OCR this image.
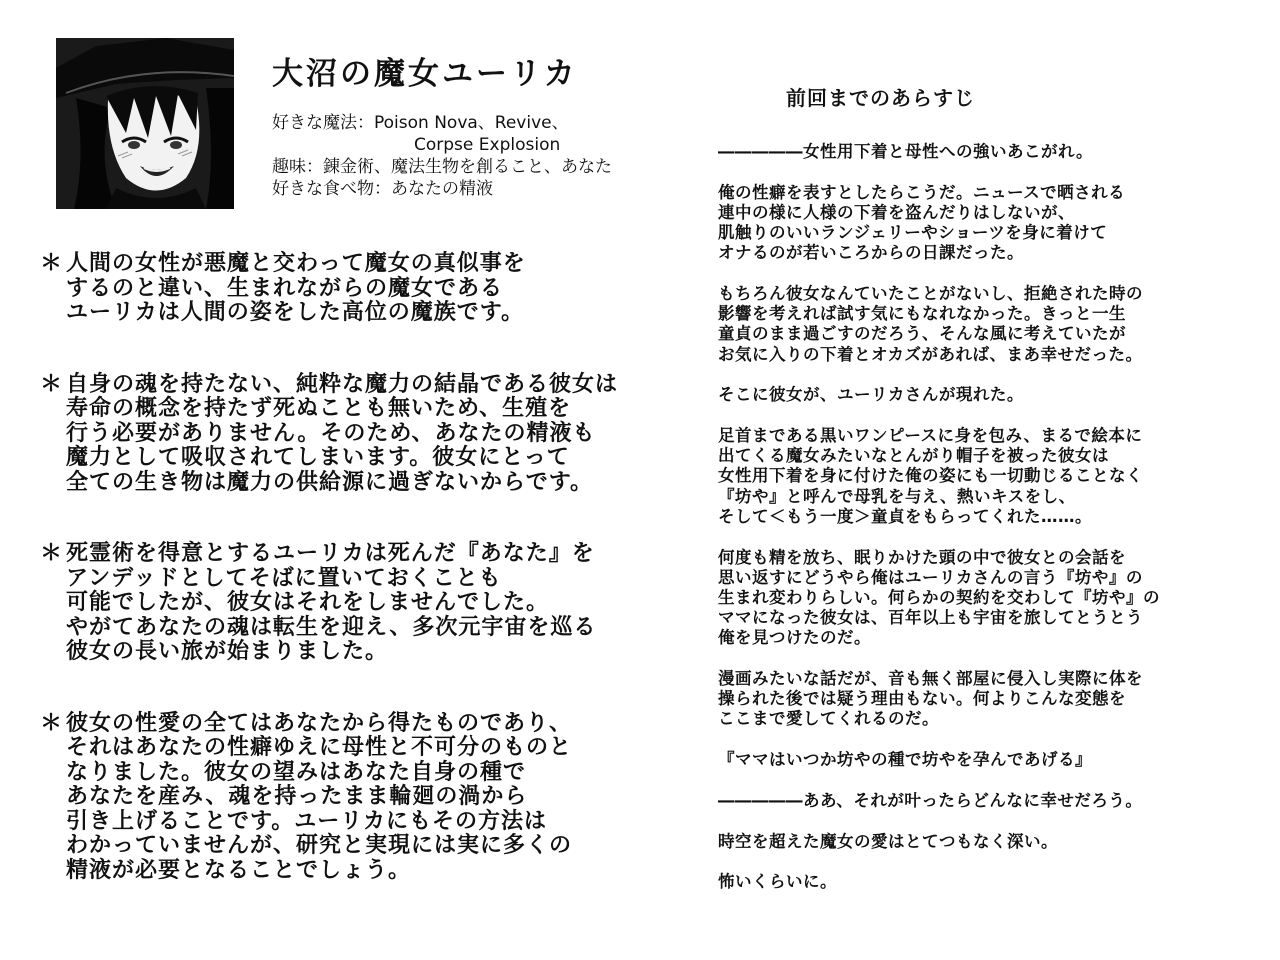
大沼の魔女ユーリカ
好きな魔法：Poison Nova、Revive、
Corpse Explosion
趣味：錬金術、魔法生物を創ること、あなた
好きな食べ物：あなたの精液
＊ 人間の女性が悪魔と交わって魔女の真似事を
するのと違い、生まれながらの魔女である
ユーリカは人間の姿をした高位の魔族です。
＊ 自身の魂を持たない、純粋な魔力の結晶である彼女は
寿命の概念を持たず死ぬことも無いため、生殖を
行う必要がありません。そのため、あなたの精液も
魔力として吸収されてしまいます。彼女にとって
全ての生き物は魔力の供給源に過ぎないからです。
＊ 死霊術を得意とするユーリカは死んだ『あなた』を
アンデッドとしてそばに置いておくことも
可能でしたが、彼女はそれをしませんでした。
やがてあなたの魂は転生を迎え、多次元宇宙を巡る
彼女の長い旅が始まりました。
＊ 彼女の性愛の全てはあなたから得たものであり、
それはあなたの性癖ゆえに母性と不可分のものと
なりました。彼女の望みはあなた自身の種で
あなたを産み、魂を持ったまま輪廻の渦から
引き上げることです。ユーリカにもその方法は
わかっていませんが、研究と実現には実に多くの
精液が必要となることでしょう。
前回までのあらすじ
―――――女性用下着と母性への強いあこがれ。
俺の性癖を表すとしたらこうだ。ニュースで晒される
連中の様に人様の下着を盗んだりはしないが、
肌触りのいいランジェリーやショーツを身に着けて
オナるのが若いころからの日課だった。
もちろん彼女なんていたことがないし、拒絶された時の
影響を考えれば試す気にもなれなかった。きっと一生
童貞のまま過ごすのだろう、そんな風に考えていたが
お気に入りの下着とオカズがあれば、まあ幸せだった。
そこに彼女が、ユーリカさんが現れた。
足首まである黒いワンピースに身を包み、まるで絵本に
出てくる魔女みたいなとんがり帽子を被った彼女は
女性用下着を身に付けた俺の姿にも一切動じることなく
『坊や』と呼んで母乳を与え、熱いキスをし、
そして＜もう一度＞童貞をもらってくれた……。
何度も精を放ち、眠りかけた頭の中で彼女との会話を
思い返すにどうやら俺はユーリカさんの言う『坊や』の
生まれ変わりらしい。何らかの契約を交わして『坊や』の
ママになった彼女は、百年以上も宇宙を旅してとうとう
俺を見つけたのだ。
漫画みたいな話だが、音も無く部屋に侵入し実際に体を
操られた後では疑う理由もない。何よりこんな変態を
ここまで愛してくれるのだ。
『ママはいつか坊やの種で坊やを孕んであげる』
―――――ああ、それが叶ったらどんなに幸せだろう。
時空を超えた魔女の愛はとてつもなく深い。
怖いくらいに。
